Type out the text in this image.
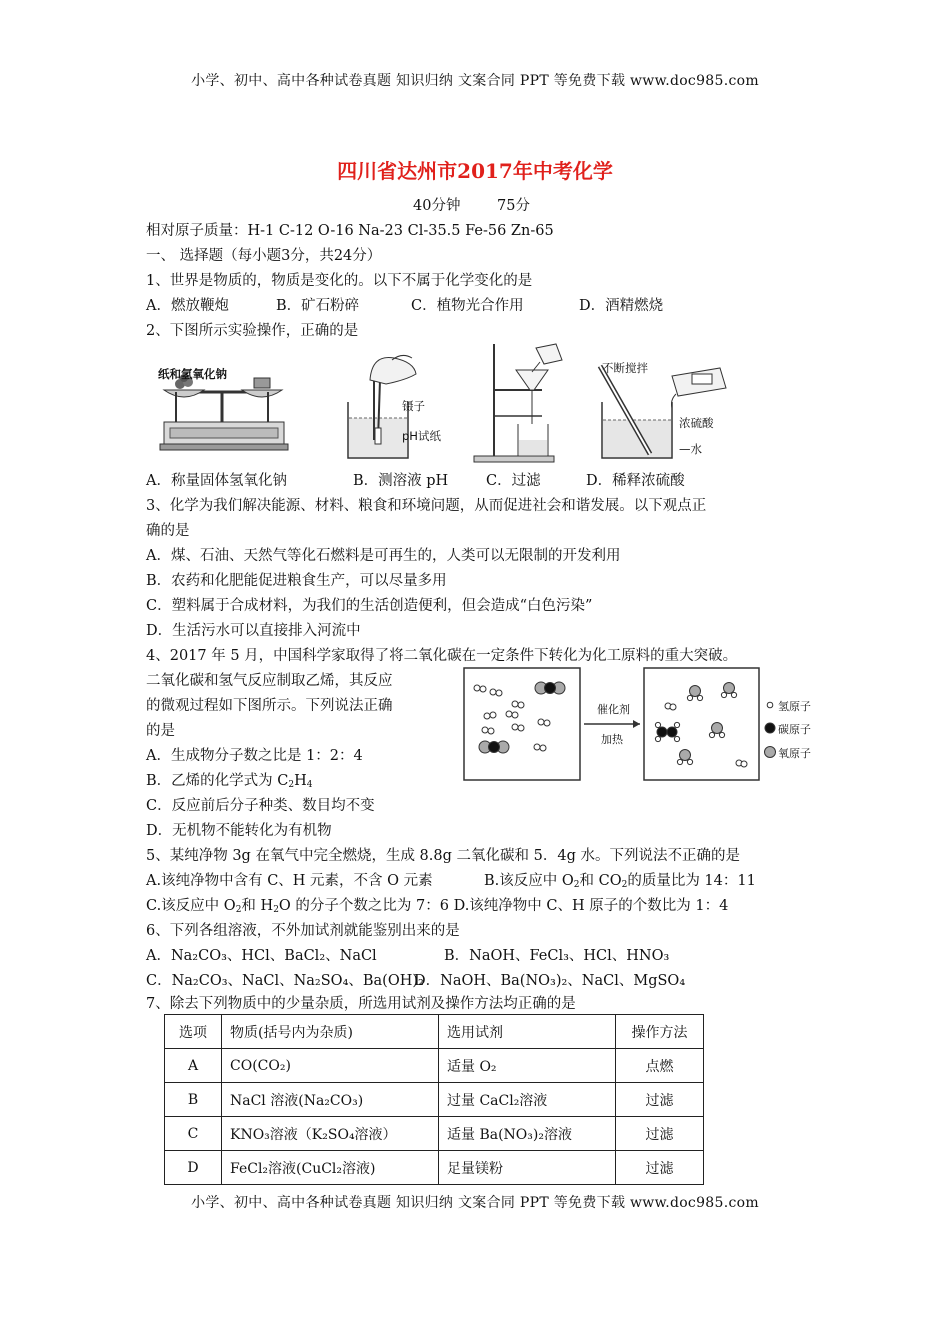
小学、初中、高中各种试卷真题 知识归纳 文案合同 PPT 等免费下载 www.doc985.com
四川省达州市2017年中考化学
40分钟	75分
相对原子质量：H-1 C-12 O-16 Na-23 Cl-35.5 Fe-56 Zn-65
一、 选择题（每小题3分，共24分）
1、世界是物质的，物质是变化的。以下不属于化学变化的是
A．燃放鞭炮	B．矿石粉碎	C．植物光合作用	D．酒精燃烧
2、下图所示实验操作，正确的是
纸和氢氧化钠
镊子
pH试纸
不断搅拌
浓硫酸
—水
A．称量固体氢氧化钠	B．测溶液 pH	C．过滤	D．稀释浓硫酸
3、化学为我们解决能源、材料、粮食和环境问题，从而促进社会和谐发展。以下观点正
确的是
A．煤、石油、天然气等化石燃料是可再生的，人类可以无限制的开发利用
B．农药和化肥能促进粮食生产，可以尽量多用
C．塑料属于合成材料，为我们的生活创造便利，但会造成“白色污染”
D．生活污水可以直接排入河流中
4、2017 年 5 月，中国科学家取得了将二氧化碳在一定条件下转化为化工原料的重大突破。
二氧化碳和氢气反应制取乙烯，其反应
的微观过程如下图所示。下列说法正确
的是
A．生成物分子数之比是 1：2：4
B．乙烯的化学式为 $C_2H_4$
C．反应前后分子种类、数目均不变
D．无机物不能转化为有机物
催化剂
加热
氢原子
碳原子
氧原子
5、某纯净物 3g 在氧气中完全燃烧，生成 8.8g 二氧化碳和 5．4g 水。下列说法不正确的是
A.该纯净物中含有 C、H 元素，不含 O 元素	B.该反应中 $O_2$和 $CO_2$的质量比为 14：11
C.该反应中 $O_2$和 $H_2O$ 的分子个数之比为 7：6 D.该纯净物中 C、H 原子的个数比为 1：4
6、下列各组溶液，不外加试剂就能鉴别出来的是
A．Na₂CO₃、HCl、BaCl₂、NaCl	B．NaOH、FeCl₃、HCl、HNO₃
C．Na₂CO₃、NaCl、Na₂SO₄、Ba(OH)₂D．NaOH、Ba(NO₃)₂、NaCl、MgSO₄
7、除去下列物质中的少量杂质，所选用试剂及操作方法均正确的是
选项	物质(括号内为杂质)	选用试剂	操作方法
A	CO(CO₂)	适量 O₂	点燃
B	NaCl 溶液(Na₂CO₃)	过量 CaCl₂溶液	过滤
C	KNO₃溶液（K₂SO₄溶液）	适量 Ba(NO₃)₂溶液	过滤
D	FeCl₂溶液(CuCl₂溶液)	足量镁粉	过滤
小学、初中、高中各种试卷真题 知识归纳 文案合同 PPT 等免费下载 www.doc985.com
